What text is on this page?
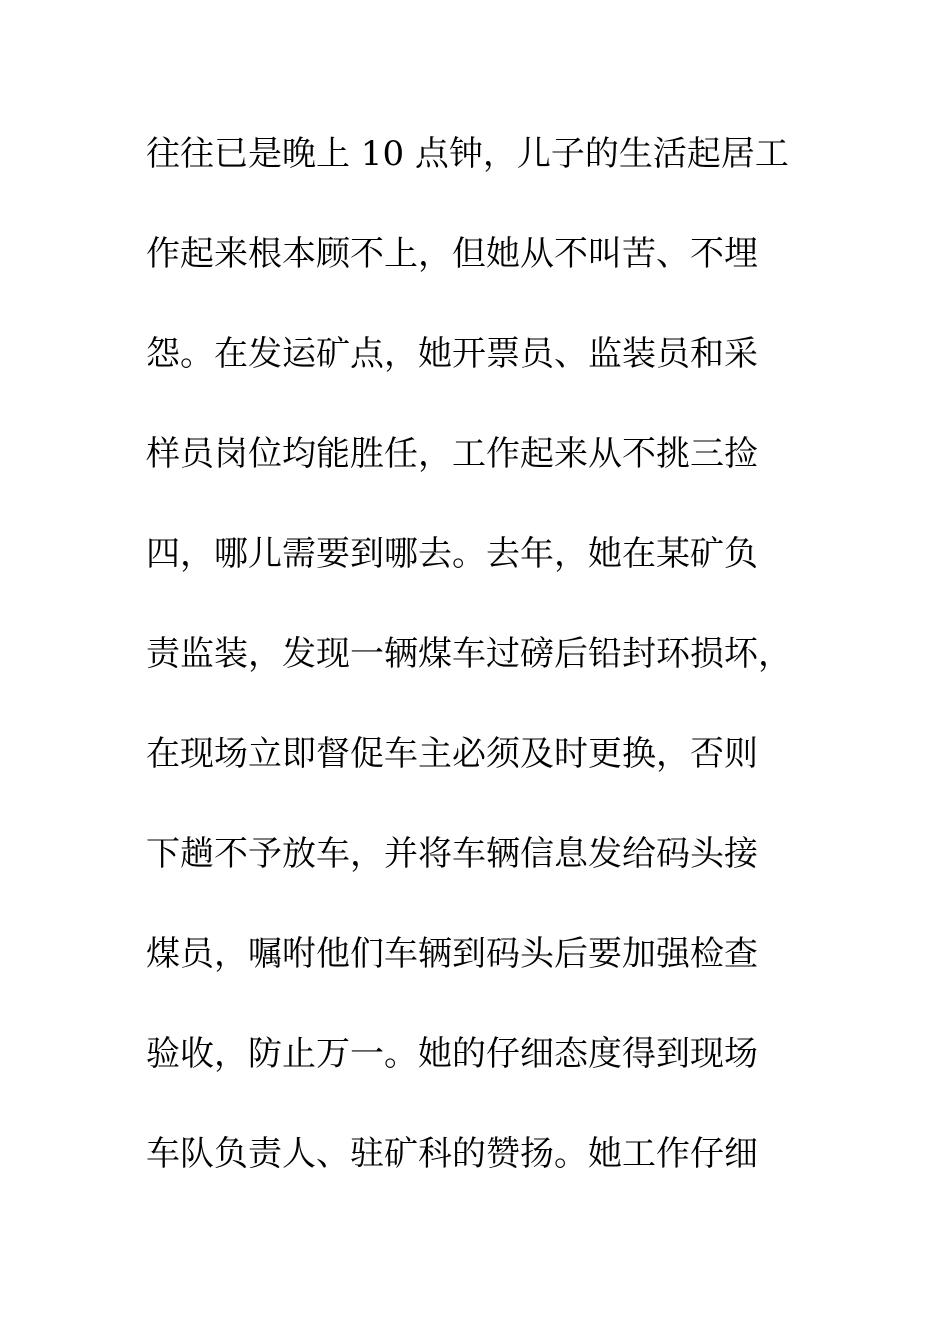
往往已是晚上 10 点钟，儿子的生活起居工
作起来根本顾不上，但她从不叫苦、不埋
怨。在发运矿点，她开票员、监装员和采
样员岗位均能胜任，工作起来从不挑三捡
四，哪儿需要到哪去。去年，她在某矿负
责监装，发现一辆煤车过磅后铅封环损坏，
在现场立即督促车主必须及时更换，否则
下趟不予放车，并将车辆信息发给码头接
煤员，嘱咐他们车辆到码头后要加强检查
验收，防止万一。她的仔细态度得到现场
车队负责人、驻矿科的赞扬。她工作仔细
